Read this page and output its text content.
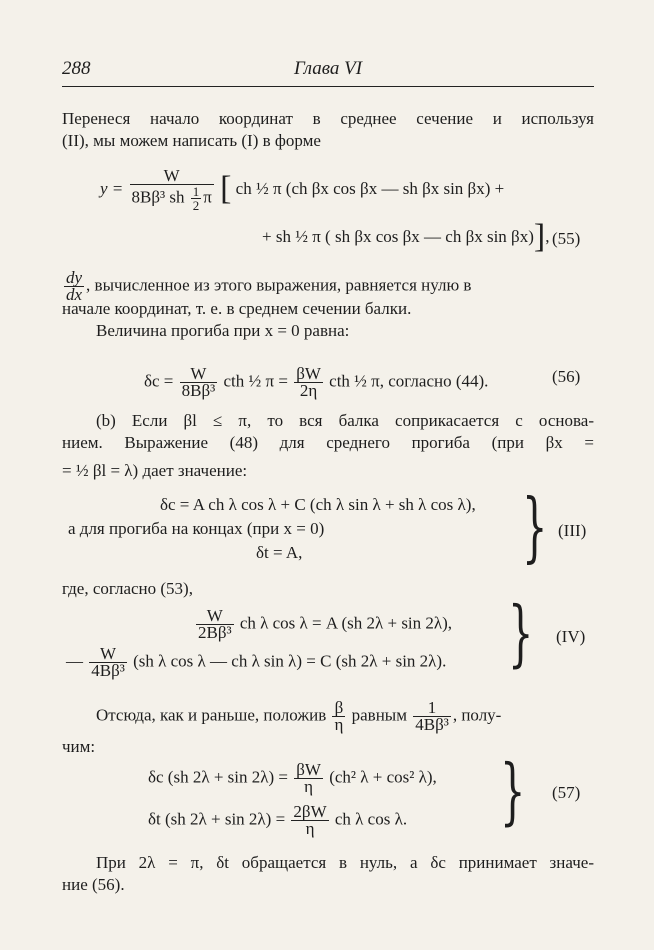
288	Глава VI
Перенеся начало координат в среднее сечение и используя
(II), мы можем написать (I) в форме
$y = \frac{W}{8B\beta^3 sh \frac{1}{2} \pi}$ [ ch ½ π (ch βx cos βx — sh βx sin βx) +
+ sh ½ π ( sh βx cos βx — ch βx sin βx)], (55)
$\frac{dy}{dx}$ , вычисленное из этого выражения, равняется нулю в
начале координат, т. е. в среднем сечении балки.
Величина прогиба при x = 0 равна:
$\delta c = \frac{W}{\text{8Bβ³}}$ cth ½ $\pi = \frac{\beta W}{2\eta}$ cth ½ π, согласно (44).	(56)
(b) Если βl ≤ π, то вся балка соприкасается с основа-
нием. Выражение (48) для среднего прогиба (при βx =
= ½ βl = λ) дает значение:
δc = A ch λ cos λ + C (ch λ sin λ + sh λ cos λ),
а для прогиба на концах (при x = 0)
δt = A,	} (III)
где, согласно (53),
$\frac{W}{\text{2Bβ³}}$ ch λ cos λ = A (sh 2λ + sin 2λ),
— $\frac{W}{\text{4Bβ³}} (sh$ λ cos λ — ch λ sin λ) = C (sh 2λ + sin 2λ). } (IV)
Отсюда, как и раньше, положив $\frac{\beta}{\eta}$ равным $\frac{1}{\text{4Bβ³}}$ , полу-
чим:
δc (sh $2\lambda + \sin 2\lambda) = \frac{\beta W}{\eta} (ch^2$ λ + cos² λ),
δt (sh $2\lambda + \sin 2\lambda) = \frac{2\beta W}{\eta}$ ch λ cos λ. } (57)
При 2λ = π, δt обращается в нуль, а δc принимает значе-
ние (56).
